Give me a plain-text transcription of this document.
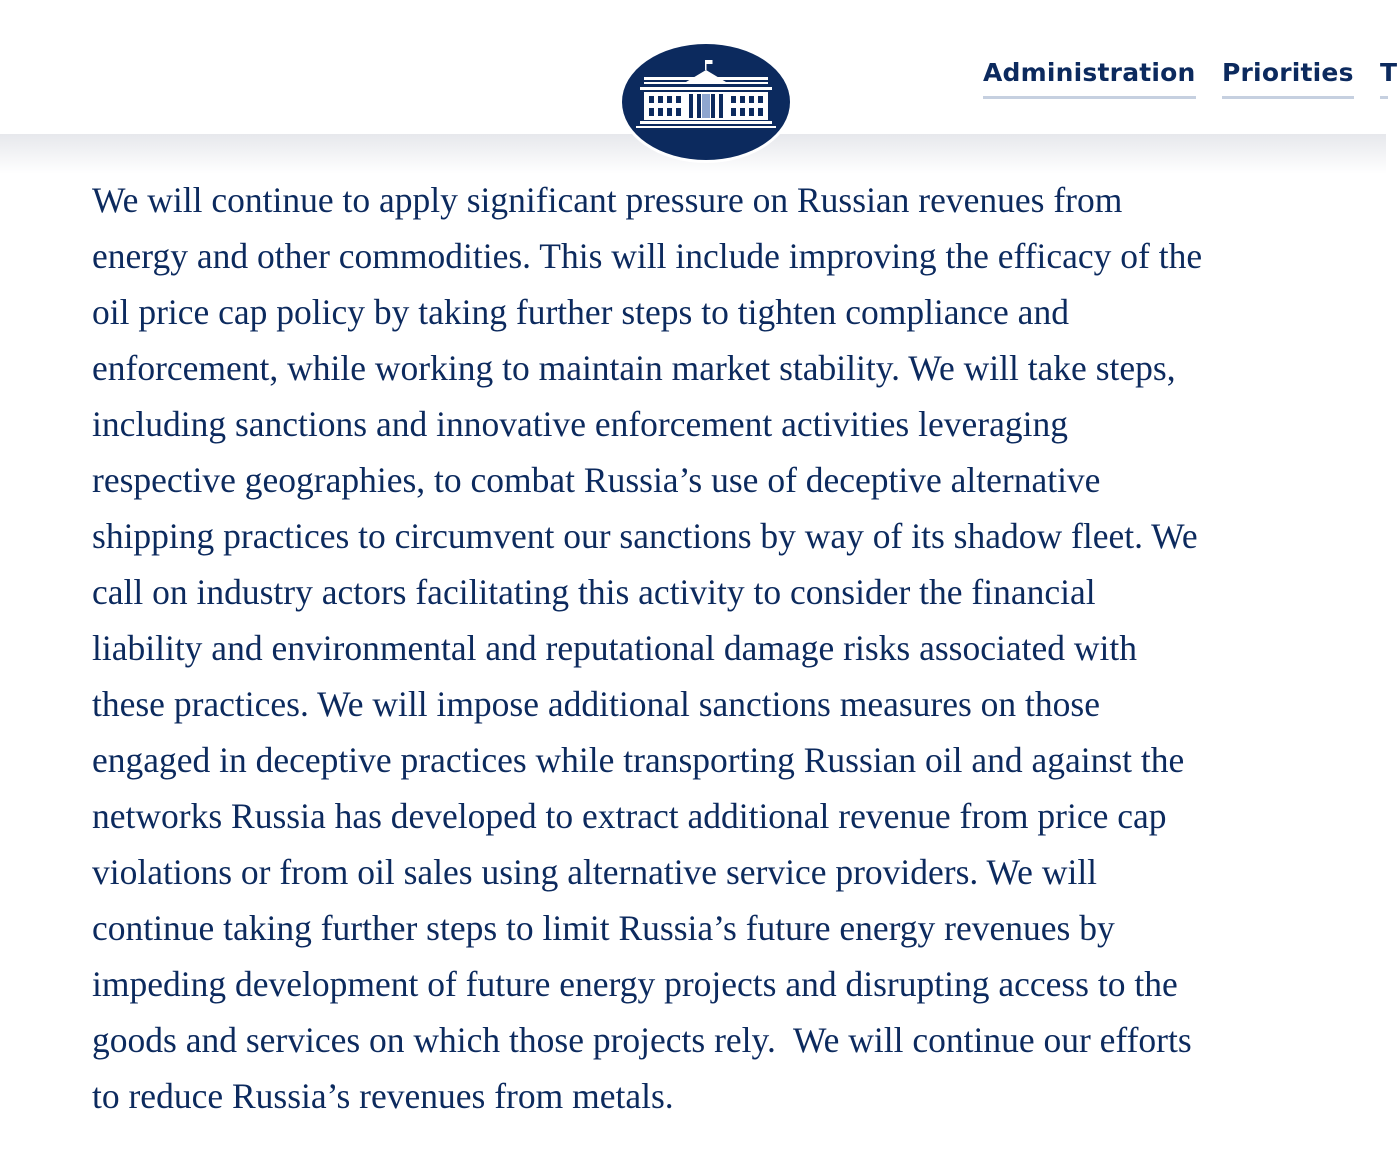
Administration Priorities T

We will continue to apply significant pressure on Russian revenues from
energy and other commodities. This will include improving the efficacy of the
oil price cap policy by taking further steps to tighten compliance and
enforcement, while working to maintain market stability. We will take steps,
including sanctions and innovative enforcement activities leveraging
respective geographies, to combat Russia’s use of deceptive alternative
shipping practices to circumvent our sanctions by way of its shadow fleet. We
call on industry actors facilitating this activity to consider the financial
liability and environmental and reputational damage risks associated with
these practices. We will impose additional sanctions measures on those
engaged in deceptive practices while transporting Russian oil and against the
networks Russia has developed to extract additional revenue from price cap
violations or from oil sales using alternative service providers. We will
continue taking further steps to limit Russia’s future energy revenues by
impeding development of future energy projects and disrupting access to the
goods and services on which those projects rely.  We will continue our efforts
to reduce Russia’s revenues from metals.
